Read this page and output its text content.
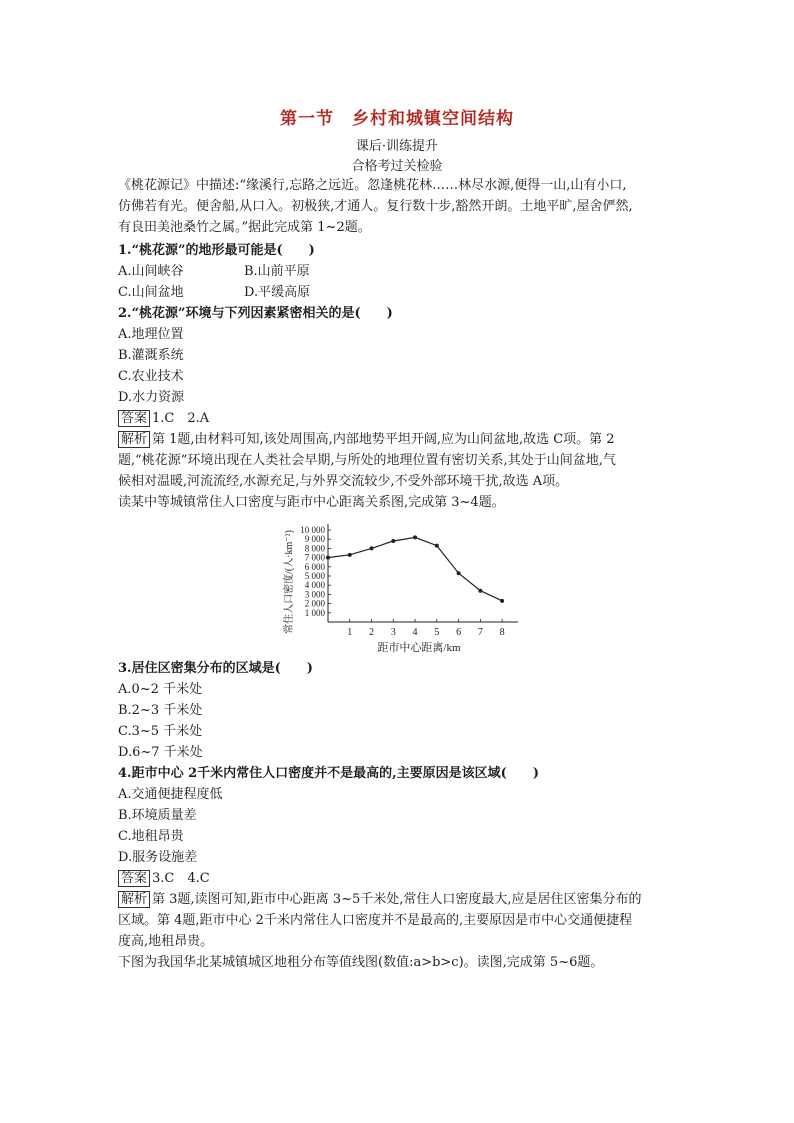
第一节　乡村和城镇空间结构
课后·训练提升
合格考过关检验
《桃花源记》中描述:“缘溪行,忘路之远近。忽逢桃花林……林尽水源,便得一山,山有小口,
仿佛若有光。便舍船,从口入。初极狭,才通人。复行数十步,豁然开朗。土地平旷,屋舍俨然,
有良田美池桑竹之属。”据此完成第 1~2题。
1.“桃花源”的地形最可能是(　　)
A.山间峡谷	B.山前平原
C.山间盆地	D.平缓高原
2.“桃花源”环境与下列因素紧密相关的是(　　)
A.地理位置
B.灌溉系统
C.农业技术
D.水力资源
答案 1.C　2.A
解析 第 1题,由材料可知,该处周围高,内部地势平坦开阔,应为山间盆地,故选 C项。第 2
题,“桃花源”环境出现在人类社会早期,与所处的地理位置有密切关系,其处于山间盆地,气
候相对温暖,河流流经,水源充足,与外界交流较少,不受外部环境干扰,故选 A项。
读某中等城镇常住人口密度与距市中心距离关系图,完成第 3~4题。
1 000
2 000
3 000
4 000
5 000
6 000
7 000
8 000
9 000
10 000
1 2 3 4 5 6 7 8
距市中心距离/km
常住人口密度/(人·km⁻²)
3.居住区密集分布的区域是(　　)
A.0~2 千米处
B.2~3 千米处
C.3~5 千米处
D.6~7 千米处
4.距市中心 2千米内常住人口密度并不是最高的,主要原因是该区域(　　)
A.交通便捷程度低
B.环境质量差
C.地租昂贵
D.服务设施差
答案 3.C　4.C
解析 第 3题,读图可知,距市中心距离 3~5千米处,常住人口密度最大,应是居住区密集分布的
区域。第 4题,距市中心 2千米内常住人口密度并不是最高的,主要原因是市中心交通便捷程
度高,地租昂贵。
下图为我国华北某城镇城区地租分布等值线图(数值:a>b>c)。读图,完成第 5~6题。
